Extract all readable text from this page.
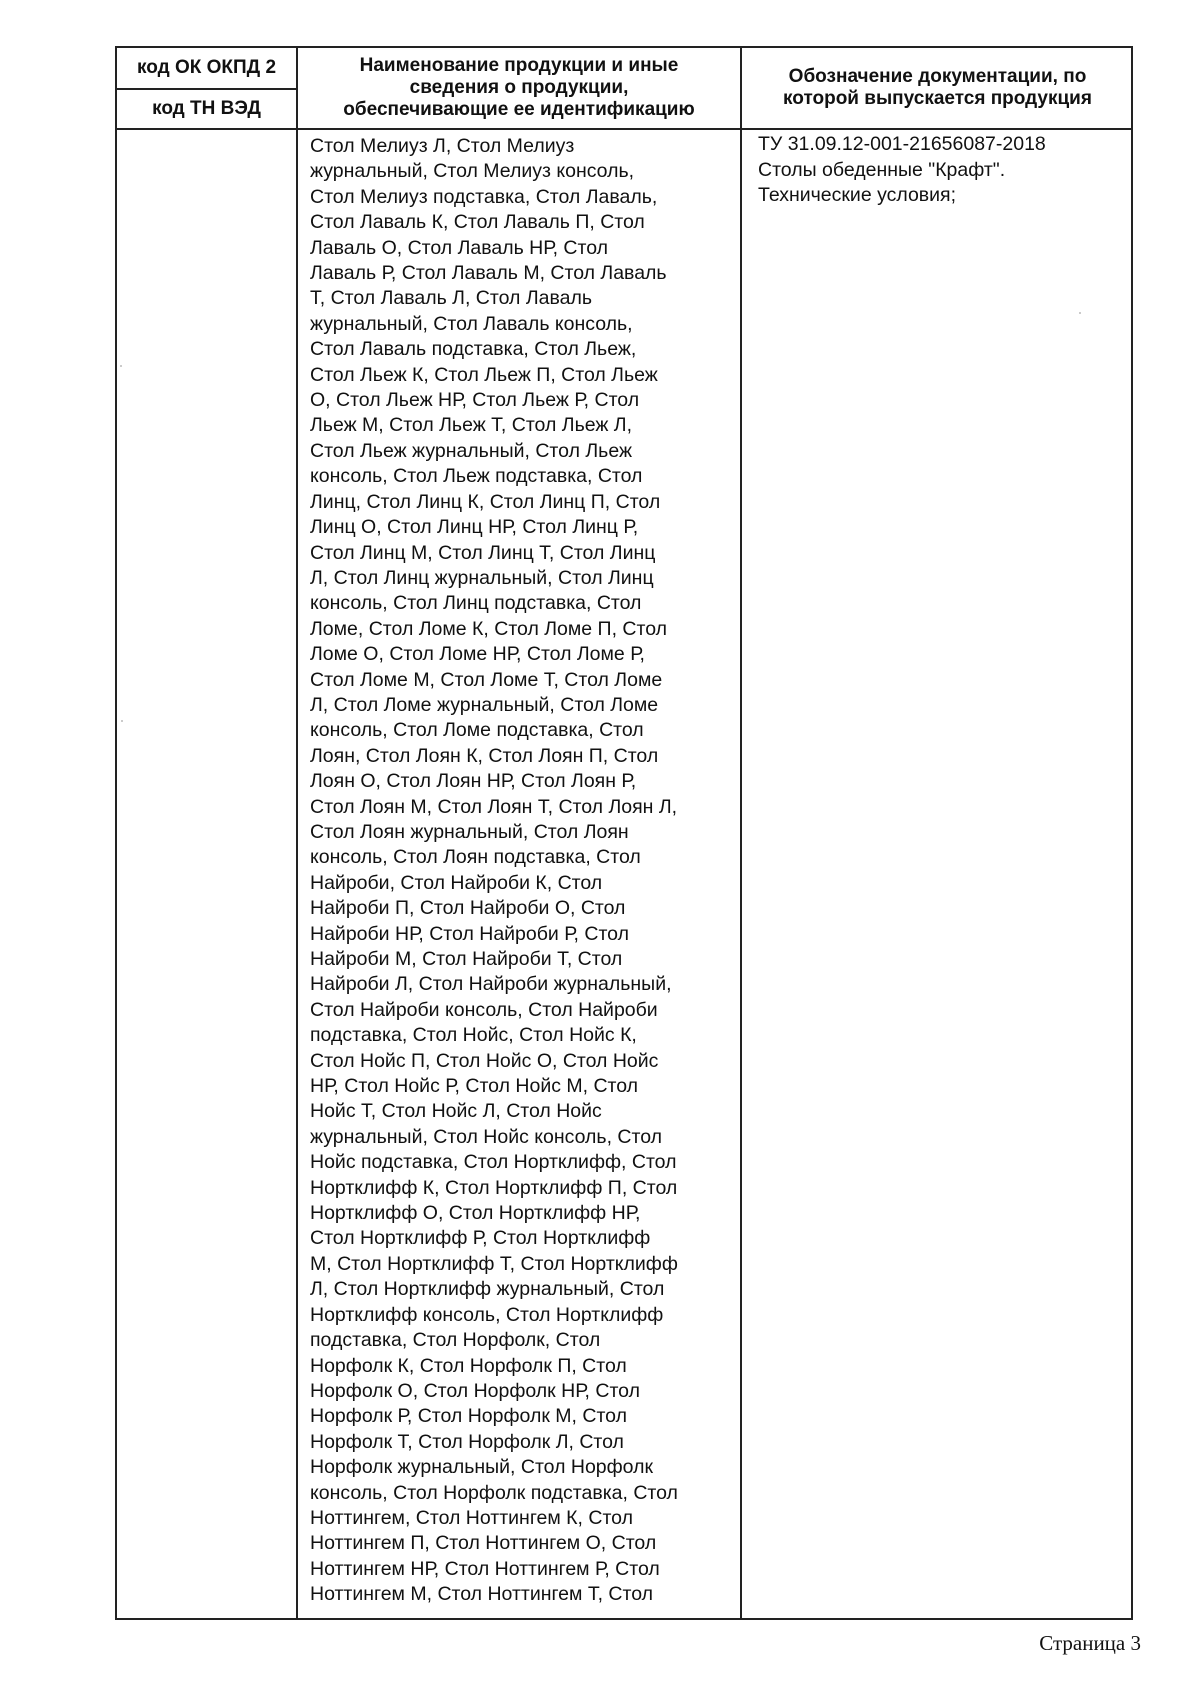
код ОК ОКПД 2
код ТН ВЭД
Наименование продукции и иные
сведения о продукции,
обеспечивающие ее идентификацию
Обозначение документации, по
которой выпускается продукция
Стол Мелиуз Л, Стол Мелиуз
журнальный, Стол Мелиуз консоль,
Стол Мелиуз подставка, Стол Лаваль,
Стол Лаваль К, Стол Лаваль П, Стол
Лаваль О, Стол Лаваль НР, Стол
Лаваль Р, Стол Лаваль М, Стол Лаваль
Т, Стол Лаваль Л, Стол Лаваль
журнальный, Стол Лаваль консоль,
Стол Лаваль подставка, Стол Льеж,
Стол Льеж К, Стол Льеж П, Стол Льеж
О, Стол Льеж НР, Стол Льеж Р, Стол
Льеж М, Стол Льеж Т, Стол Льеж Л,
Стол Льеж журнальный, Стол Льеж
консоль, Стол Льеж подставка, Стол
Линц, Стол Линц К, Стол Линц П, Стол
Линц О, Стол Линц НР, Стол Линц Р,
Стол Линц М, Стол Линц Т, Стол Линц
Л, Стол Линц журнальный, Стол Линц
консоль, Стол Линц подставка, Стол
Ломе, Стол Ломе К, Стол Ломе П, Стол
Ломе О, Стол Ломе НР, Стол Ломе Р,
Стол Ломе М, Стол Ломе Т, Стол Ломе
Л, Стол Ломе журнальный, Стол Ломе
консоль, Стол Ломе подставка, Стол
Лоян, Стол Лоян К, Стол Лоян П, Стол
Лоян О, Стол Лоян НР, Стол Лоян Р,
Стол Лоян М, Стол Лоян Т, Стол Лоян Л,
Стол Лоян журнальный, Стол Лоян
консоль, Стол Лоян подставка, Стол
Найроби, Стол Найроби К, Стол
Найроби П, Стол Найроби О, Стол
Найроби НР, Стол Найроби Р, Стол
Найроби М, Стол Найроби Т, Стол
Найроби Л, Стол Найроби журнальный,
Стол Найроби консоль, Стол Найроби
подставка, Стол Нойс, Стол Нойс К,
Стол Нойс П, Стол Нойс О, Стол Нойс
НР, Стол Нойс Р, Стол Нойс М, Стол
Нойс Т, Стол Нойс Л, Стол Нойс
журнальный, Стол Нойс консоль, Стол
Нойс подставка, Стол Нортклифф, Стол
Нортклифф К, Стол Нортклифф П, Стол
Нортклифф О, Стол Нортклифф НР,
Стол Нортклифф Р, Стол Нортклифф
М, Стол Нортклифф Т, Стол Нортклифф
Л, Стол Нортклифф журнальный, Стол
Нортклифф консоль, Стол Нортклифф
подставка, Стол Норфолк, Стол
Норфолк К, Стол Норфолк П, Стол
Норфолк О, Стол Норфолк НР, Стол
Норфолк Р, Стол Норфолк М, Стол
Норфолк Т, Стол Норфолк Л, Стол
Норфолк журнальный, Стол Норфолк
консоль, Стол Норфолк подставка, Стол
Ноттингем, Стол Ноттингем К, Стол
Ноттингем П, Стол Ноттингем О, Стол
Ноттингем НР, Стол Ноттингем Р, Стол
Ноттингем М, Стол Ноттингем Т, Стол
ТУ 31.09.12-001-21656087-2018
Столы обеденные "Крафт".
Технические условия;
Страница 3
